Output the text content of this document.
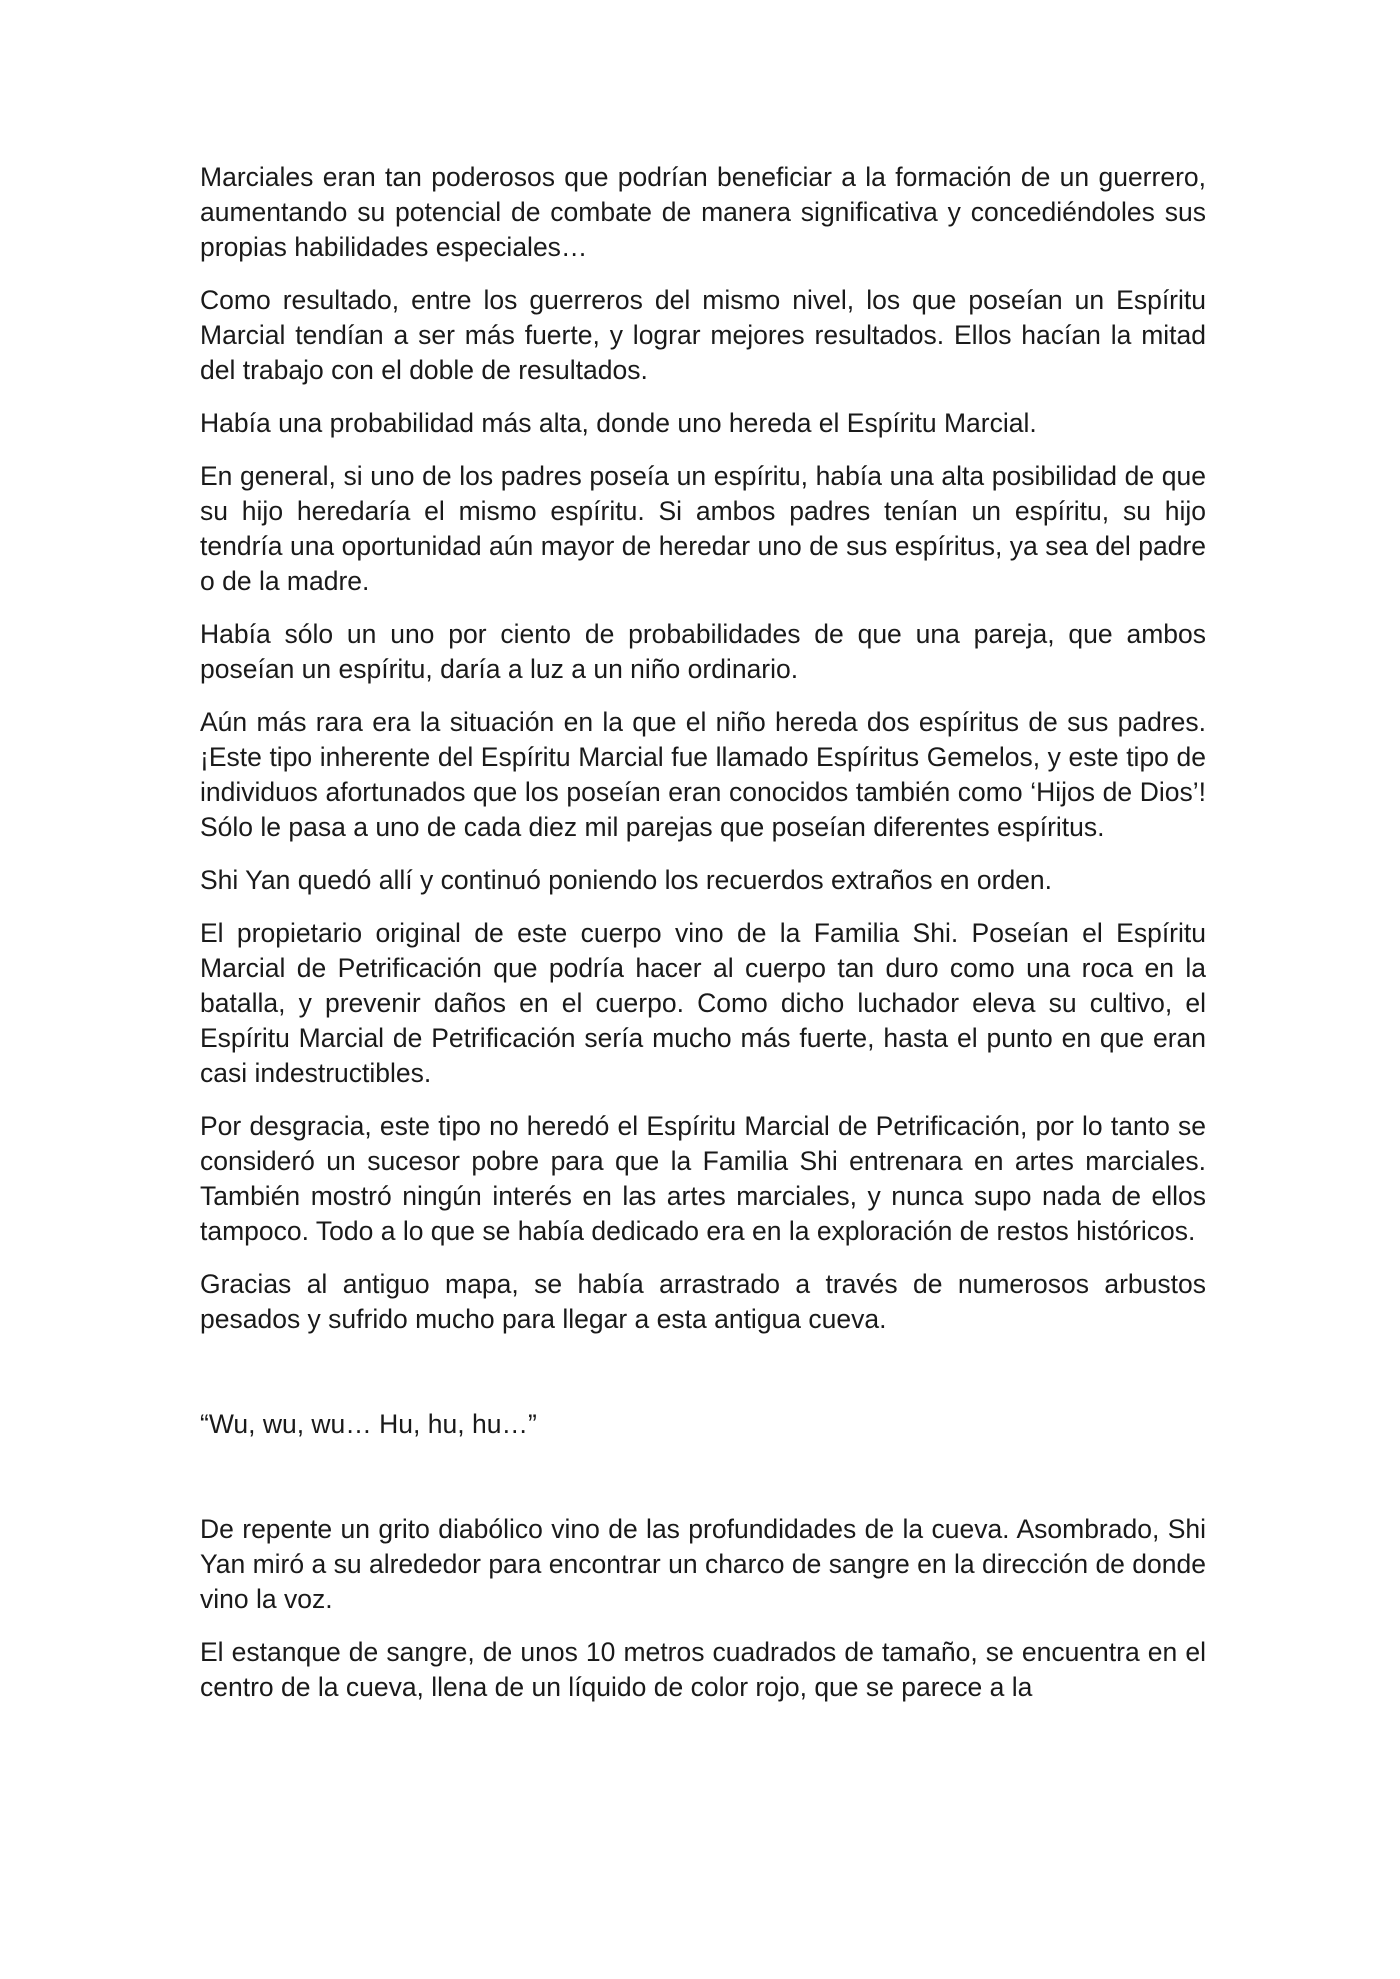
Marciales eran tan poderosos que podrían beneficiar a la formación de un guerrero, aumentando su potencial de combate de manera significativa y concediéndoles sus propias habilidades especiales…

Como resultado, entre los guerreros del mismo nivel, los que poseían un Espíritu Marcial tendían a ser más fuerte, y lograr mejores resultados. Ellos hacían la mitad del trabajo con el doble de resultados.

Había una probabilidad más alta, donde uno hereda el Espíritu Marcial.

En general, si uno de los padres poseía un espíritu, había una alta posibilidad de que su hijo heredaría el mismo espíritu. Si ambos padres tenían un espíritu, su hijo tendría una oportunidad aún mayor de heredar uno de sus espíritus, ya sea del padre o de la madre.

Había sólo un uno por ciento de probabilidades de que una pareja, que ambos poseían un espíritu, daría a luz a un niño ordinario.

Aún más rara era la situación en la que el niño hereda dos espíritus de sus padres. ¡Este tipo inherente del Espíritu Marcial fue llamado Espíritus Gemelos, y este tipo de individuos afortunados que los poseían eran conocidos también como ‘Hijos de Dios’! Sólo le pasa a uno de cada diez mil parejas que poseían diferentes espíritus.

Shi Yan quedó allí y continuó poniendo los recuerdos extraños en orden.

El propietario original de este cuerpo vino de la Familia Shi. Poseían el Espíritu Marcial de Petrificación que podría hacer al cuerpo tan duro como una roca en la batalla, y prevenir daños en el cuerpo. Como dicho luchador eleva su cultivo, el Espíritu Marcial de Petrificación sería mucho más fuerte, hasta el punto en que eran casi indestructibles.

Por desgracia, este tipo no heredó el Espíritu Marcial de Petrificación, por lo tanto se consideró un sucesor pobre para que la Familia Shi entrenara en artes marciales. También mostró ningún interés en las artes marciales, y nunca supo nada de ellos tampoco. Todo a lo que se había dedicado era en la exploración de restos históricos.

Gracias al antiguo mapa, se había arrastrado a través de numerosos arbustos pesados y sufrido mucho para llegar a esta antigua cueva.

“Wu, wu, wu… Hu, hu, hu…”

De repente un grito diabólico vino de las profundidades de la cueva. Asombrado, Shi Yan miró a su alrededor para encontrar un charco de sangre en la dirección de donde vino la voz.

El estanque de sangre, de unos 10 metros cuadrados de tamaño, se encuentra en el centro de la cueva, llena de un líquido de color rojo, que se parece a la
